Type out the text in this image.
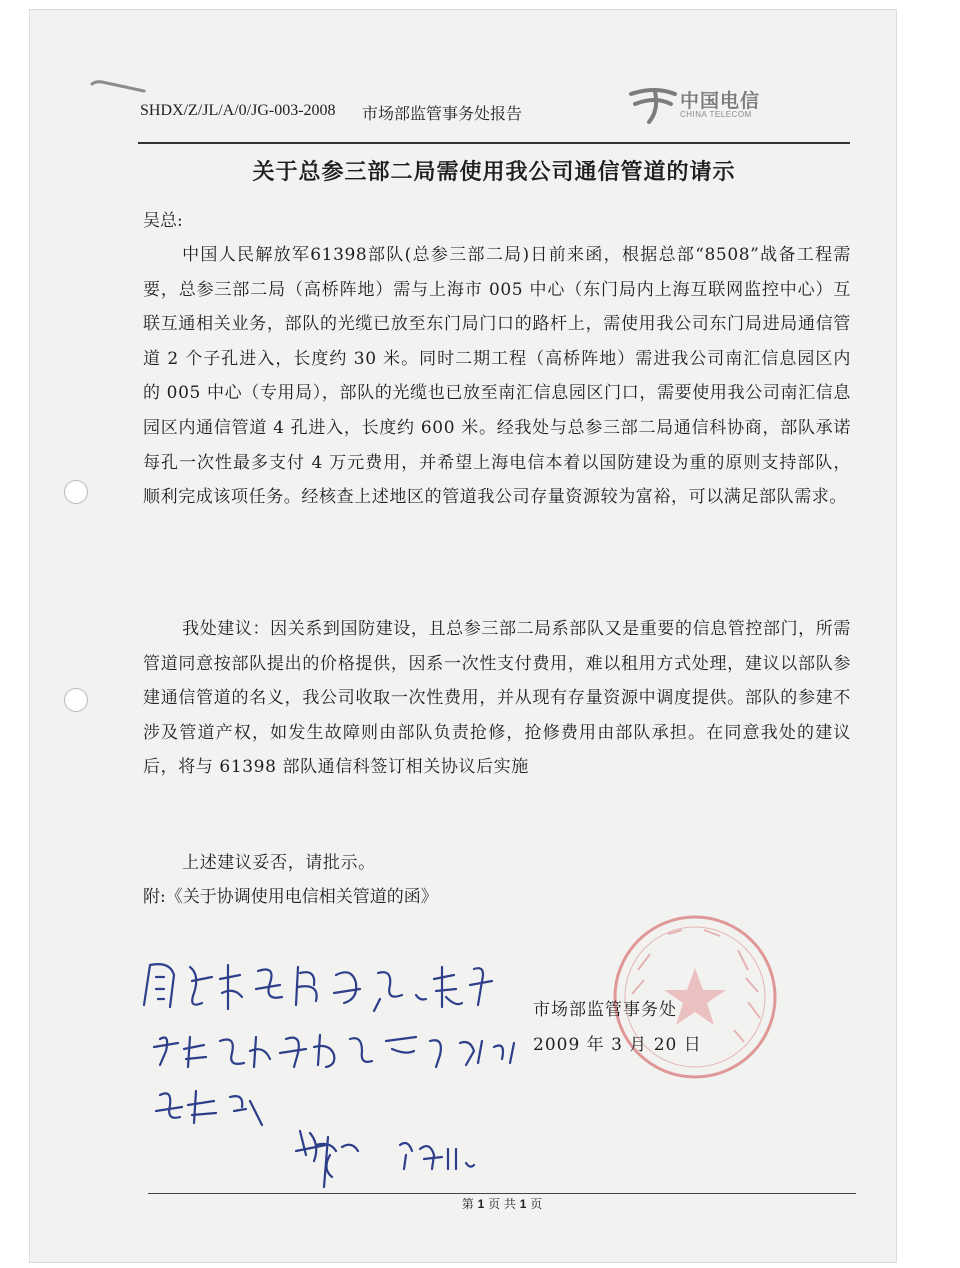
SHDX/Z/JL/A/0/JG-003-2008 市场部监管事务处报告
中国电信
CHINA TELECOM
关于总参三部二局需使用我公司通信管道的请示
吴总:

中国人民解放军61398部队(总参三部二局)日前来函，根据总部“8508”战备工程需要，总参三部二局（高桥阵地）需与上海市 005 中心（东门局内上海互联网监控中心）互联互通相关业务，部队的光缆已放至东门局门口的路杆上，需使用我公司东门局进局通信管道 2 个子孔进入，长度约 30 米。同时二期工程（高桥阵地）需进我公司南汇信息园区内的 005 中心（专用局），部队的光缆也已放至南汇信息园区门口，需要使用我公司南汇信息园区内通信管道 4 孔进入，长度约 600 米。经我处与总参三部二局通信科协商，部队承诺每孔一次性最多支付 4 万元费用，并希望上海电信本着以国防建设为重的原则支持部队，顺利完成该项任务。经核查上述地区的管道我公司存量资源较为富裕，可以满足部队需求。

我处建议：因关系到国防建设，且总参三部二局系部队又是重要的信息管控部门，所需管道同意按部队提出的价格提供，因系一次性支付费用，难以租用方式处理，建议以部队参建通信管道的名义，我公司收取一次性费用，并从现有存量资源中调度提供。部队的参建不涉及管道产权，如发生故障则由部队负责抢修，抢修费用由部队承担。在同意我处的建议后，将与 61398 部队通信科签订相关协议后实施

上述建议妥否，请批示。

附:《关于协调使用电信相关管道的函》
市场部监管事务处
2009 年 3 月 20 日
第 1 页 共 1 页
